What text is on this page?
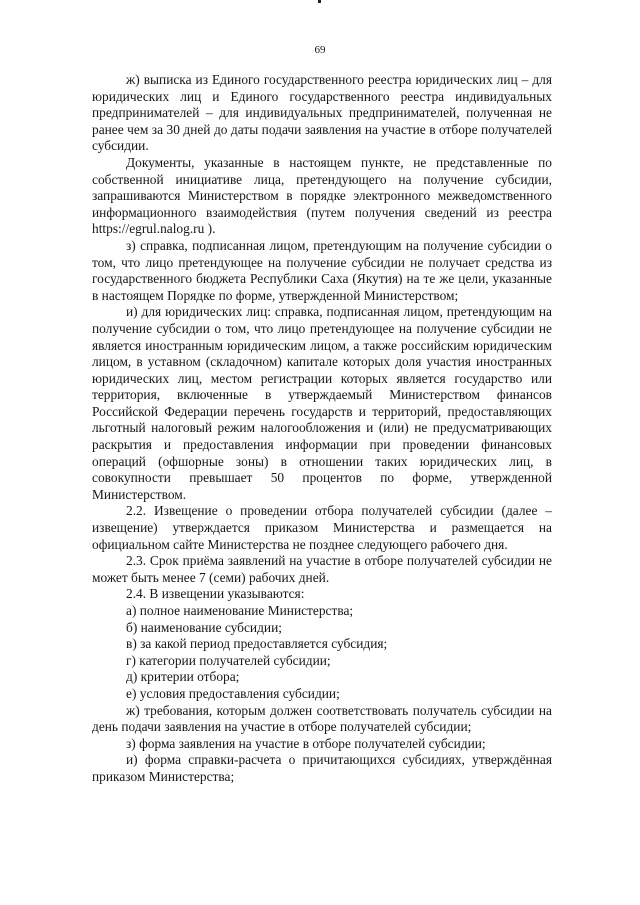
69

ж) выписка из Единого государственного реестра юридических лиц – для юридических лиц и Единого государственного реестра индивидуальных предпринимателей – для индивидуальных предпринимателей, полученная не ранее чем за 30 дней до даты подачи заявления на участие в отборе получателей субсидии.

Документы, указанные в настоящем пункте, не представленные по собственной инициативе лица, претендующего на получение субсидии, запрашиваются Министерством в порядке электронного межведомственного информационного взаимодействия (путем получения сведений из реестра https://egrul.nalog.ru ).

з) справка, подписанная лицом, претендующим на получение субсидии о том, что лицо претендующее на получение субсидии не получает средства из государственного бюджета Республики Саха (Якутия) на те же цели, указанные в настоящем Порядке по форме, утвержденной Министерством;

и) для юридических лиц: справка, подписанная лицом, претендующим на получение субсидии о том, что лицо претендующее на получение субсидии не является иностранным юридическим лицом, а также российским юридическим лицом, в уставном (складочном) капитале которых доля участия иностранных юридических лиц, местом регистрации которых является государство или территория, включенные в утверждаемый Министерством финансов Российской Федерации перечень государств и территорий, предоставляющих льготный налоговый режим налогообложения и (или) не предусматривающих раскрытия и предоставления информации при проведении финансовых операций (офшорные зоны) в отношении таких юридических лиц, в совокупности превышает 50 процентов по форме, утвержденной Министерством.

2.2. Извещение о проведении отбора получателей субсидии (далее – извещение) утверждается приказом Министерства и размещается на официальном сайте Министерства не позднее следующего рабочего дня.

2.3. Срок приёма заявлений на участие в отборе получателей субсидии не может быть менее 7 (семи) рабочих дней.

2.4. В извещении указываются:

а) полное наименование Министерства;

б) наименование субсидии;

в) за какой период предоставляется субсидия;

г) категории получателей субсидии;

д) критерии отбора;

е) условия предоставления субсидии;

ж) требования, которым должен соответствовать получатель субсидии на день подачи заявления на участие в отборе получателей субсидии;

з) форма заявления на участие в отборе получателей субсидии;

и) форма справки-расчета о причитающихся субсидиях, утверждённая приказом Министерства;
